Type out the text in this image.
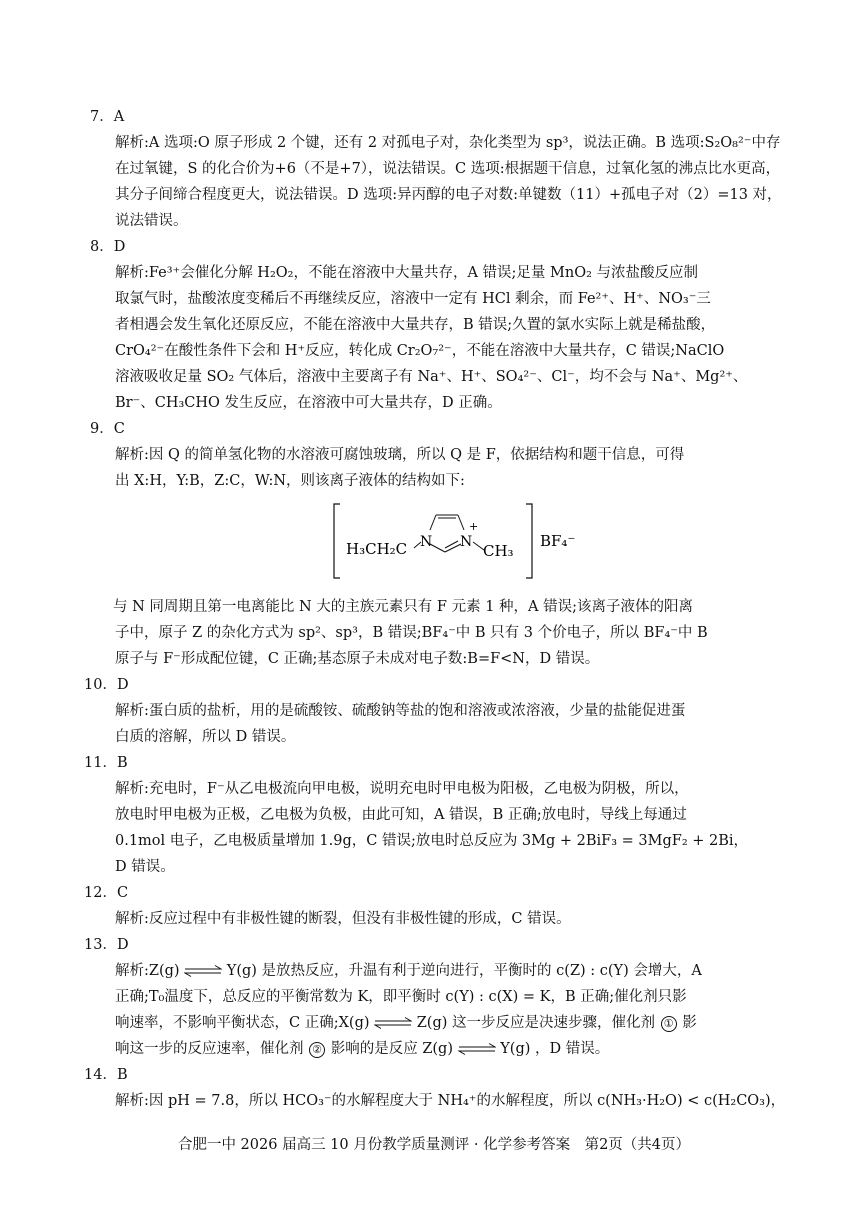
7．A
解析:A 选项:O 原子形成 2 个键，还有 2 对孤电子对，杂化类型为 sp³，说法正确。B 选项:S₂O₈²⁻中存
在过氧键，S 的化合价为+6（不是+7），说法错误。C 选项:根据题干信息，过氧化氢的沸点比水更高，
其分子间缔合程度更大，说法错误。D 选项:异丙醇的电子对数:单键数（11）+孤电子对（2）=13 对，
说法错误。
8．D
解析:Fe³⁺会催化分解 H₂O₂，不能在溶液中大量共存，A 错误;足量 MnO₂ 与浓盐酸反应制
取氯气时，盐酸浓度变稀后不再继续反应，溶液中一定有 HCl 剩余，而 Fe²⁺、H⁺、NO₃⁻三
者相遇会发生氧化还原反应，不能在溶液中大量共存，B 错误;久置的氯水实际上就是稀盐酸，
CrO₄²⁻在酸性条件下会和 H⁺反应，转化成 Cr₂O₇²⁻，不能在溶液中大量共存，C 错误;NaClO
溶液吸收足量 SO₂ 气体后，溶液中主要离子有 Na⁺、H⁺、SO₄²⁻、Cl⁻，均不会与 Na⁺、Mg²⁺、
Br⁻、CH₃CHO 发生反应，在溶液中可大量共存，D 正确。
9．C
解析:因 Q 的简单氢化物的水溶液可腐蚀玻璃，所以 Q 是 F，依据结构和题干信息，可得
出 X:H，Y:B，Z:C，W:N，则该离子液体的结构如下:
H₃CH₂C N N
+
CH₃
BF₄⁻
与 N 同周期且第一电离能比 N 大的主族元素只有 F 元素 1 种，A 错误;该离子液体的阳离
子中，原子 Z 的杂化方式为 sp²、sp³，B 错误;BF₄⁻中 B 只有 3 个价电子，所以 BF₄⁻中 B
原子与 F⁻形成配位键，C 正确;基态原子未成对电子数:B=F<N，D 错误。
10．D
解析:蛋白质的盐析，用的是硫酸铵、硫酸钠等盐的饱和溶液或浓溶液，少量的盐能促进蛋
白质的溶解，所以 D 错误。
11．B
解析:充电时，F⁻从乙电极流向甲电极，说明充电时甲电极为阳极，乙电极为阴极，所以，
放电时甲电极为正极，乙电极为负极，由此可知，A 错误，B 正确;放电时，导线上每通过
0.1mol 电子，乙电极质量增加 1.9g，C 错误;放电时总反应为 3Mg + 2BiF₃ = 3MgF₂ + 2Bi，
D 错误。
12．C
解析:反应过程中有非极性键的断裂，但没有非极性键的形成，C 错误。
13．D
解析:Z(g) ⇌ Y(g) 是放热反应，升温有利于逆向进行，平衡时的 c(Z) : c(Y) 会增大，A
正确;T₀温度下，总反应的平衡常数为 K，即平衡时 c(Y) : c(X) = K，B 正确;催化剂只影
响速率，不影响平衡状态，C 正确;X(g) ⇌ Z(g) 这一步反应是决速步骤，催化剂 ① 影
响这一步的反应速率，催化剂 ② 影响的是反应 Z(g) ⇌ Y(g) ，D 错误。
14．B
解析:因 pH = 7.8，所以 HCO₃⁻的水解程度大于 NH₄⁺的水解程度，所以 c(NH₃·H₂O) < c(H₂CO₃)，
合肥一中 2026 届高三 10 月份教学质量测评 · 化学参考答案　第2页（共4页）
